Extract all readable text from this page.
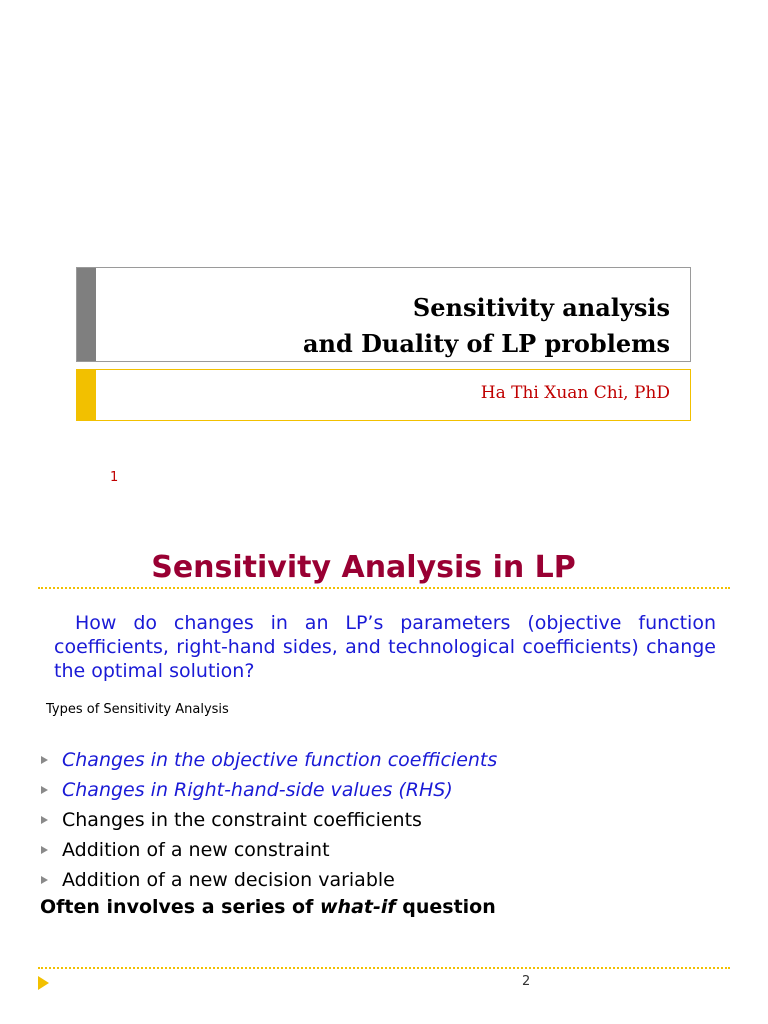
Sensitivity analysis
and Duality of LP problems
Ha Thi Xuan Chi, PhD
1
Sensitivity Analysis in LP
How do changes in an LP’s parameters (objective function coefficients, right-hand sides, and technological coefficients) change the optimal solution?
Types of Sensitivity Analysis
Changes in the objective function coefficients
Changes in Right-hand-side values (RHS)
Changes in the constraint coefficients
Addition of a new constraint
Addition of a new decision variable
Often involves a series of what-if question
2
